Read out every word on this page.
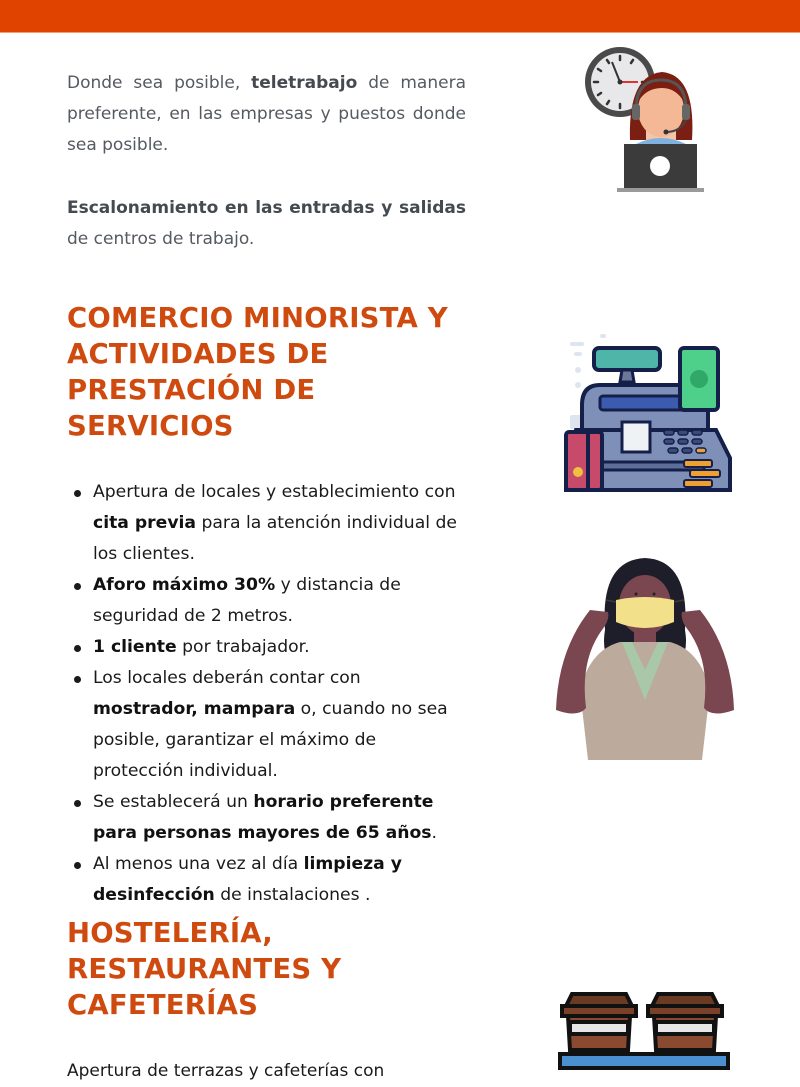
Donde sea posible, teletrabajo de manera preferente, en las empresas y puestos donde sea posible.

Escalonamiento en las entradas y salidas de centros de trabajo.

COMERCIO MINORISTA Y
ACTIVIDADES DE
PRESTACIÓN DE
SERVICIOS
Apertura de locales y establecimiento con cita previa para la atención individual de los clientes.
Aforo máximo 30% y distancia de seguridad de 2 metros.
1 cliente por trabajador.
Los locales deberán contar con mostrador, mampara o, cuando no sea posible, garantizar el máximo de protección individual.
Se establecerá un horario preferente para personas mayores de 65 años.
Al menos una vez al día limpieza y desinfección de instalaciones .
HOSTELERÍA,
RESTAURANTES Y
CAFETERÍAS
Apertura de terrazas y cafeterías con
